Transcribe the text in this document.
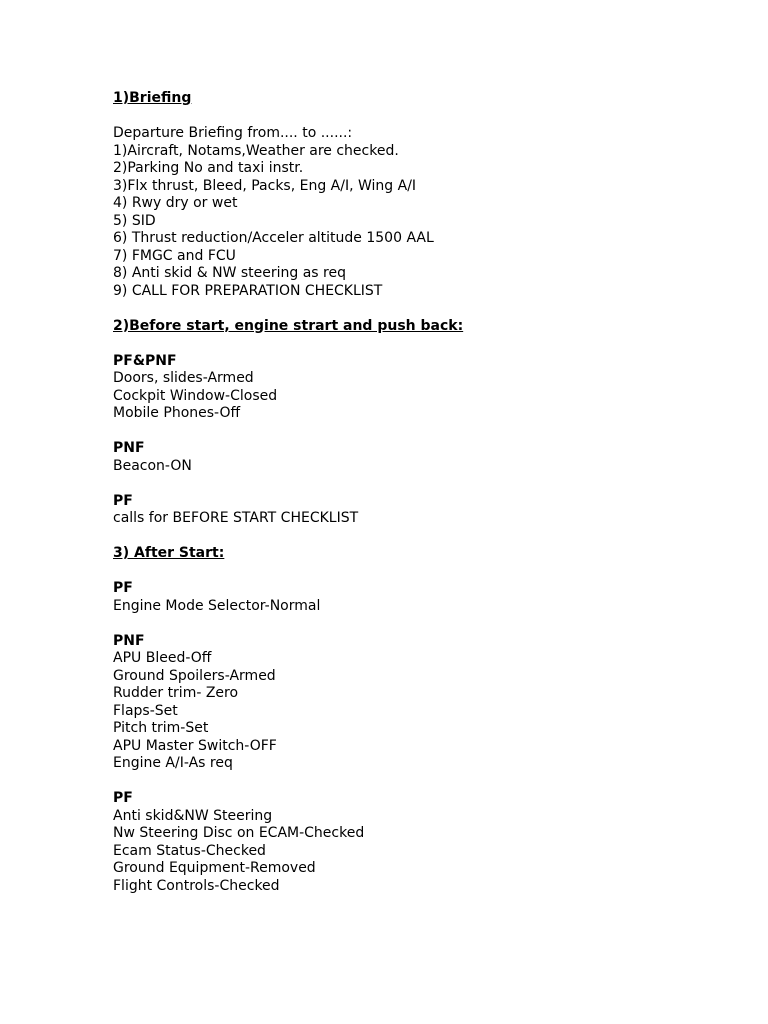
1)Briefing
Departure Briefing from.... to ......:
1)Aircraft, Notams,Weather are checked.
2)Parking No and taxi instr.
3)Flx thrust, Bleed, Packs, Eng A/I, Wing A/I
4) Rwy dry or wet
5) SID
6) Thrust reduction/Acceler altitude 1500 AAL
7) FMGC and FCU
8) Anti skid & NW steering as req
9) CALL FOR PREPARATION CHECKLIST
2)Before start, engine strart and push back:
PF&PNF
Doors, slides-Armed
Cockpit Window-Closed
Mobile Phones-Off
PNF
Beacon-ON
PF
calls for BEFORE START CHECKLIST
3) After Start:
PF
Engine Mode Selector-Normal
PNF
APU Bleed-Off
Ground Spoilers-Armed
Rudder trim- Zero
Flaps-Set
Pitch trim-Set
APU Master Switch-OFF
Engine A/I-As req
PF
Anti skid&NW Steering
Nw Steering Disc on ECAM-Checked
Ecam Status-Checked
Ground Equipment-Removed
Flight Controls-Checked
